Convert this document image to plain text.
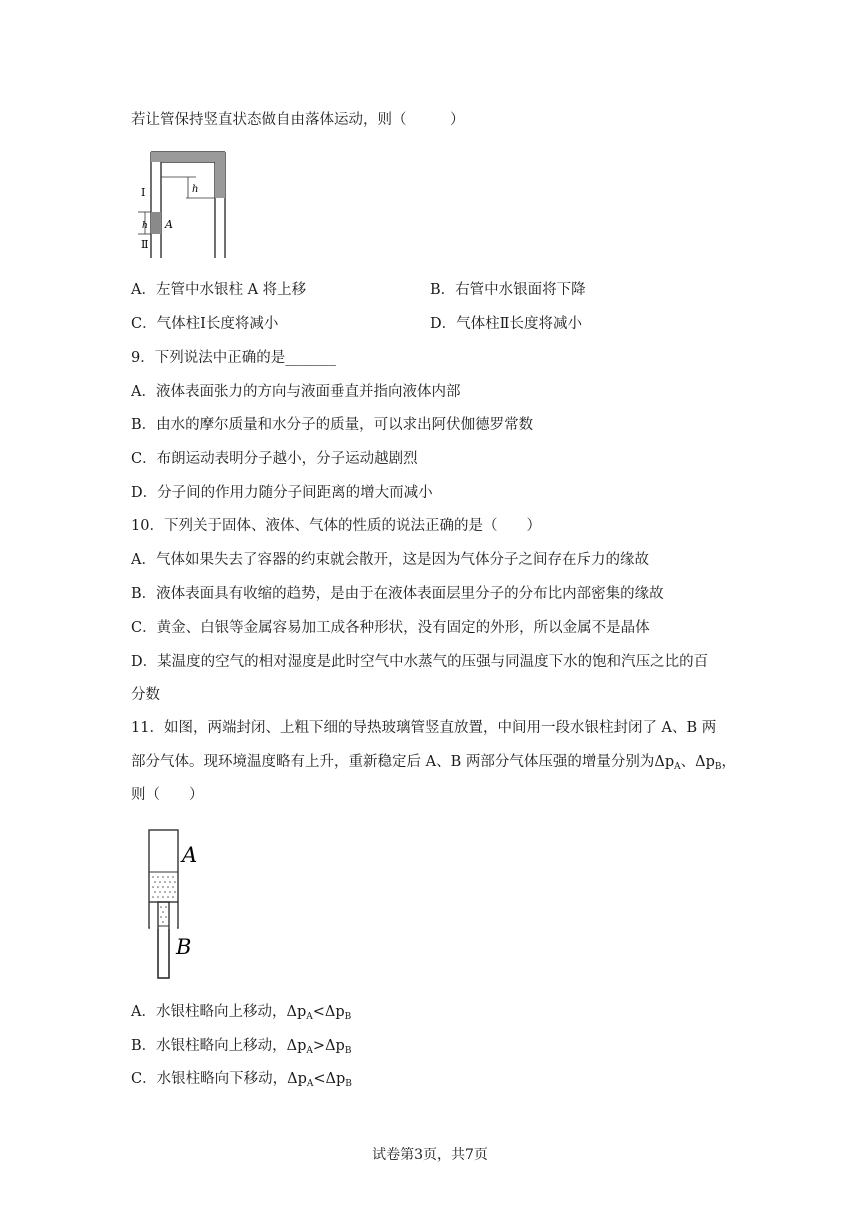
若让管保持竖直状态做自由落体运动，则（　　　）
h
h
Ⅰ
A
Ⅱ
A．左管中水银柱 A 将上移	B．右管中水银面将下降
C．气体柱Ⅰ长度将减小	D．气体柱Ⅱ长度将减小
9．下列说法中正确的是_______
A．液体表面张力的方向与液面垂直并指向液体内部
B．由水的摩尔质量和水分子的质量，可以求出阿伏伽德罗常数
C．布朗运动表明分子越小，分子运动越剧烈
D．分子间的作用力随分子间距离的增大而减小
10．下列关于固体、液体、气体的性质的说法正确的是（　　）
A．气体如果失去了容器的约束就会散开，这是因为气体分子之间存在斥力的缘故
B．液体表面具有收缩的趋势，是由于在液体表面层里分子的分布比内部密集的缘故
C．黄金、白银等金属容易加工成各种形状，没有固定的外形，所以金属不是晶体
D．某温度的空气的相对湿度是此时空气中水蒸气的压强与同温度下水的饱和汽压之比的百
分数
11．如图，两端封闭、上粗下细的导热玻璃管竖直放置，中间用一段水银柱封闭了 A、B 两
部分气体。现环境温度略有上升，重新稳定后 A、B 两部分气体压强的增量分别为$\Delta p_A$、$\Delta p_B$，
则（　　）
A
B
A．水银柱略向上移动，$\Delta p_A<\Delta p_B$
B．水银柱略向上移动，$\Delta p_A>\Delta p_B$
C．水银柱略向下移动，$\Delta p_A<\Delta p_B$
试卷第3页，共7页
